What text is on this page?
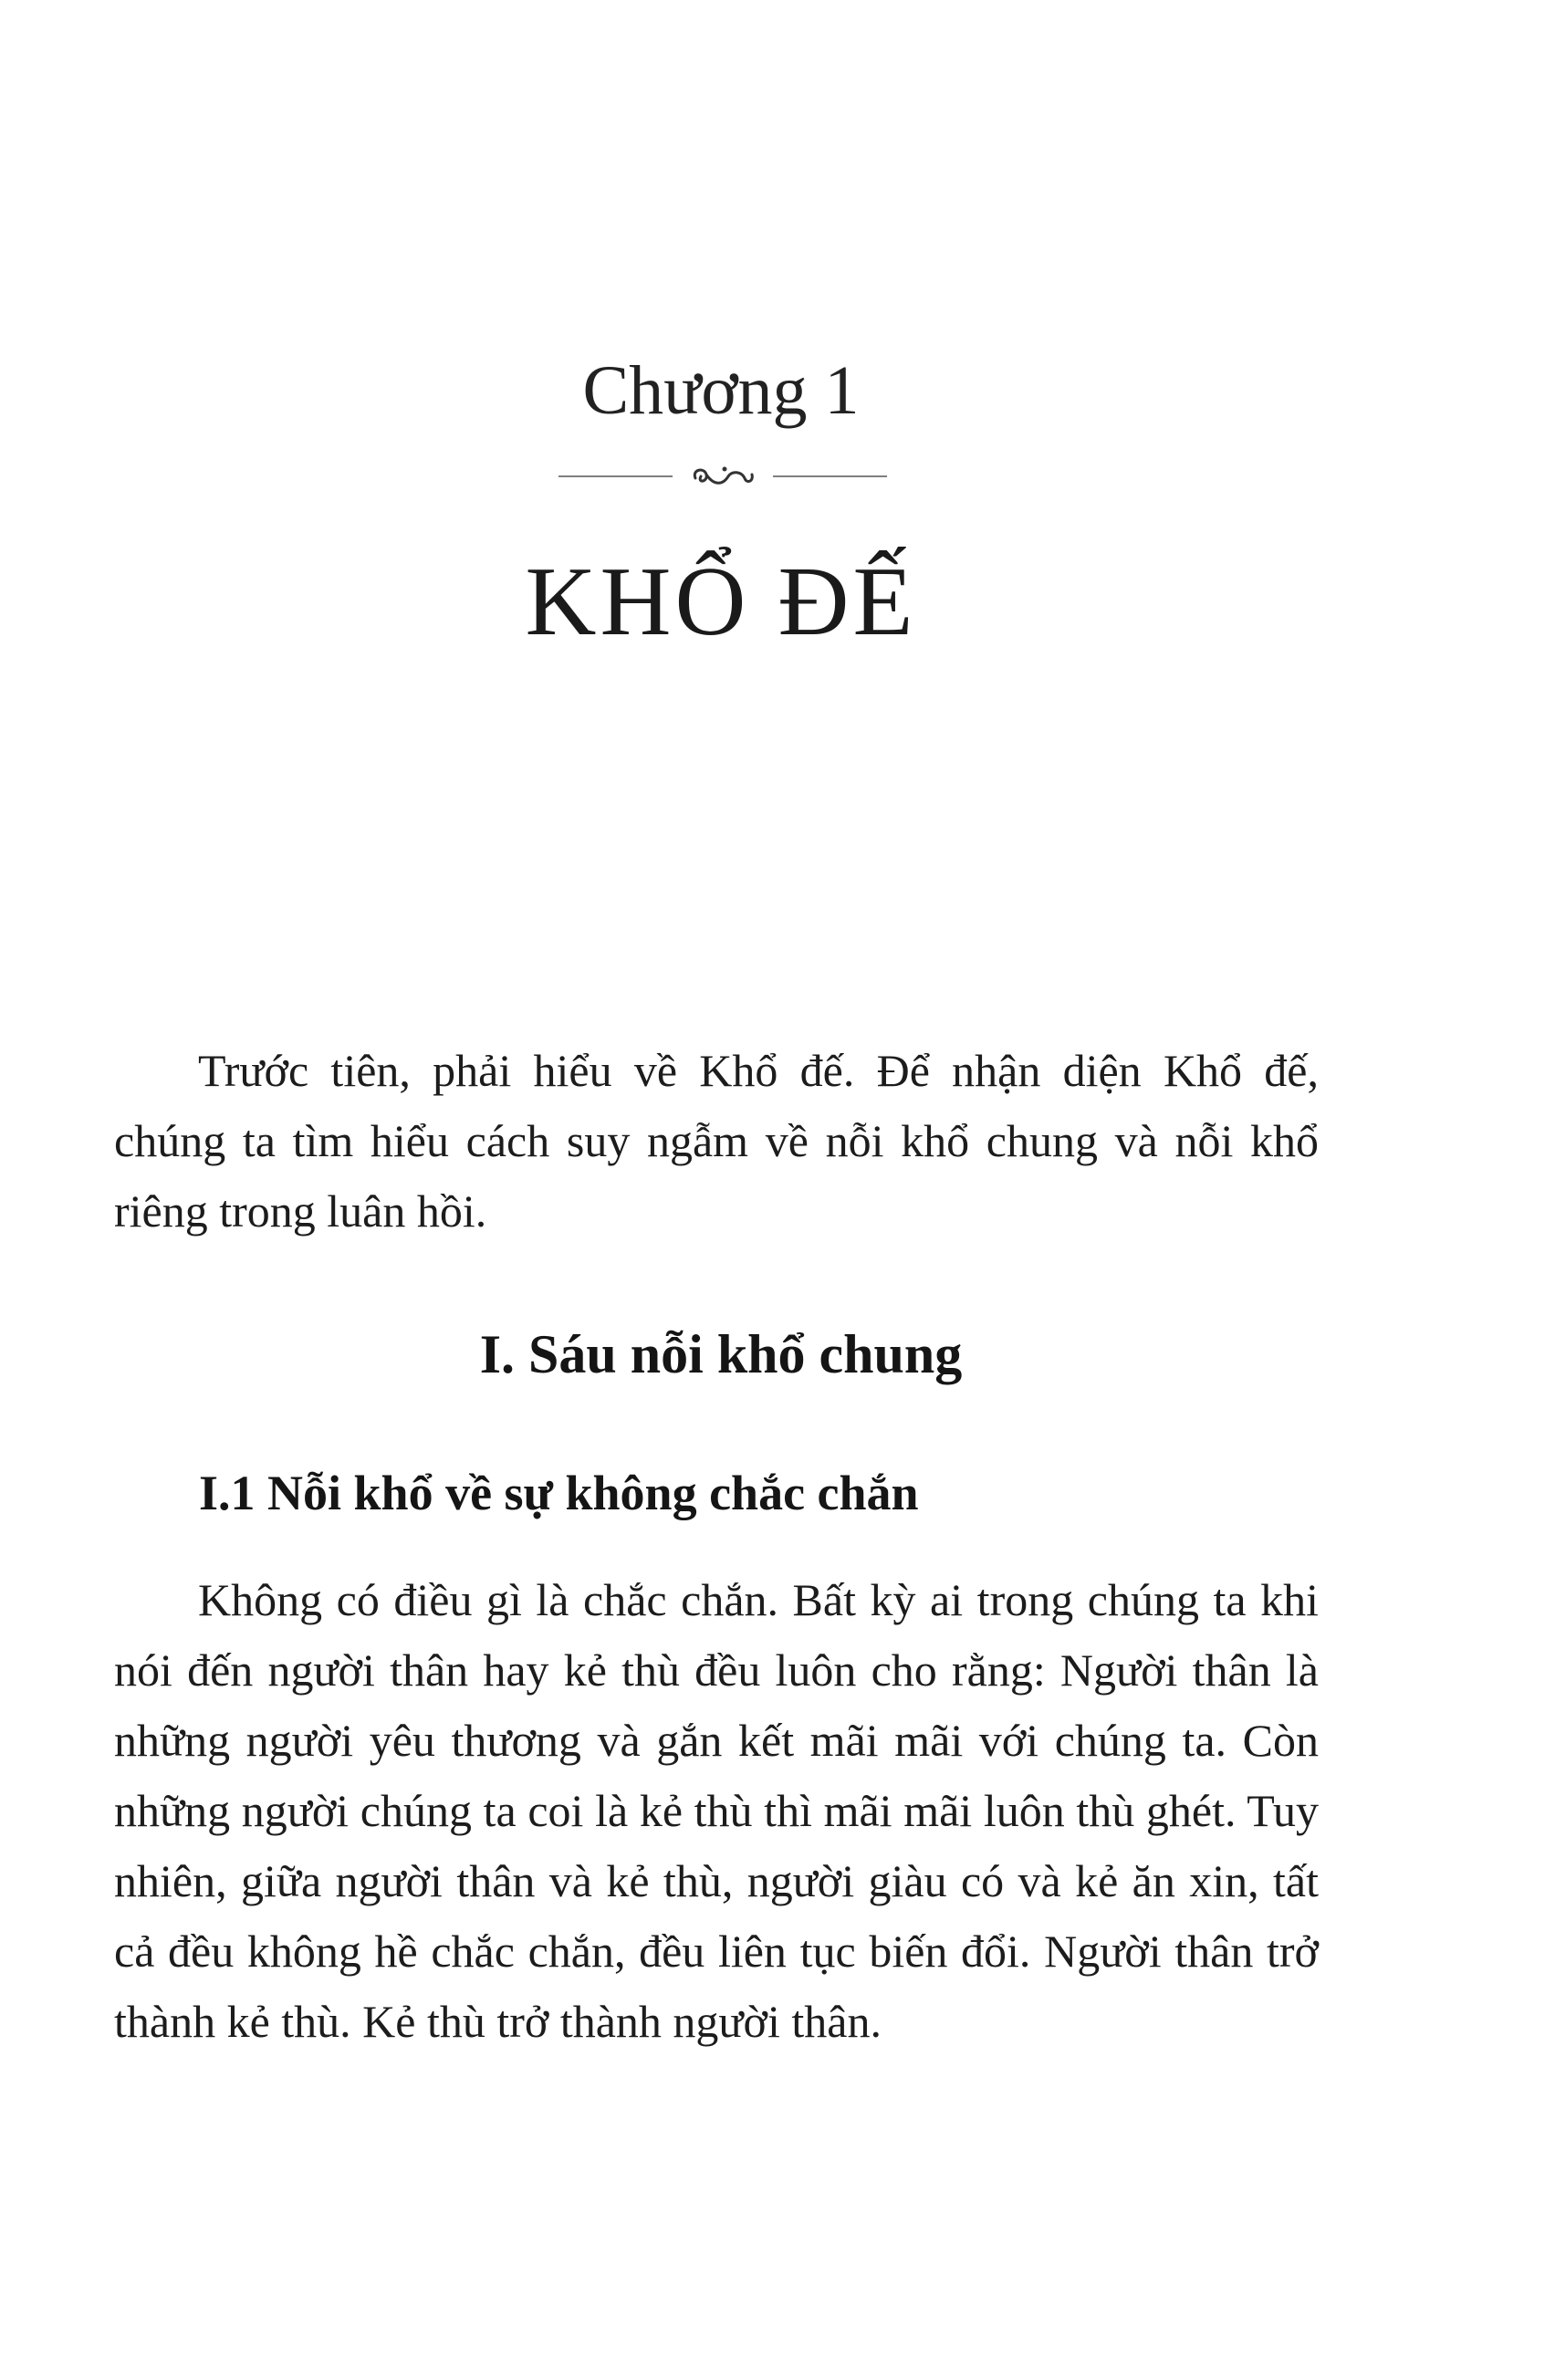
Chương 1
KHỔ ĐẾ
Trước tiên, phải hiểu về Khổ đế. Để nhận diện Khổ đế, chúng ta tìm hiểu cách suy ngẫm về nỗi khổ chung và nỗi khổ riêng trong luân hồi.
I. Sáu nỗi khổ chung
I.1 Nỗi khổ về sự không chắc chắn
Không có điều gì là chắc chắn. Bất kỳ ai trong chúng ta khi nói đến người thân hay kẻ thù đều luôn cho rằng: Người thân là những người yêu thương và gắn kết mãi mãi với chúng ta. Còn những người chúng ta coi là kẻ thù thì mãi mãi luôn thù ghét. Tuy nhiên, giữa người thân và kẻ thù, người giàu có và kẻ ăn xin, tất cả đều không hề chắc chắn, đều liên tục biến đổi. Người thân trở thành kẻ thù. Kẻ thù trở thành người thân.
